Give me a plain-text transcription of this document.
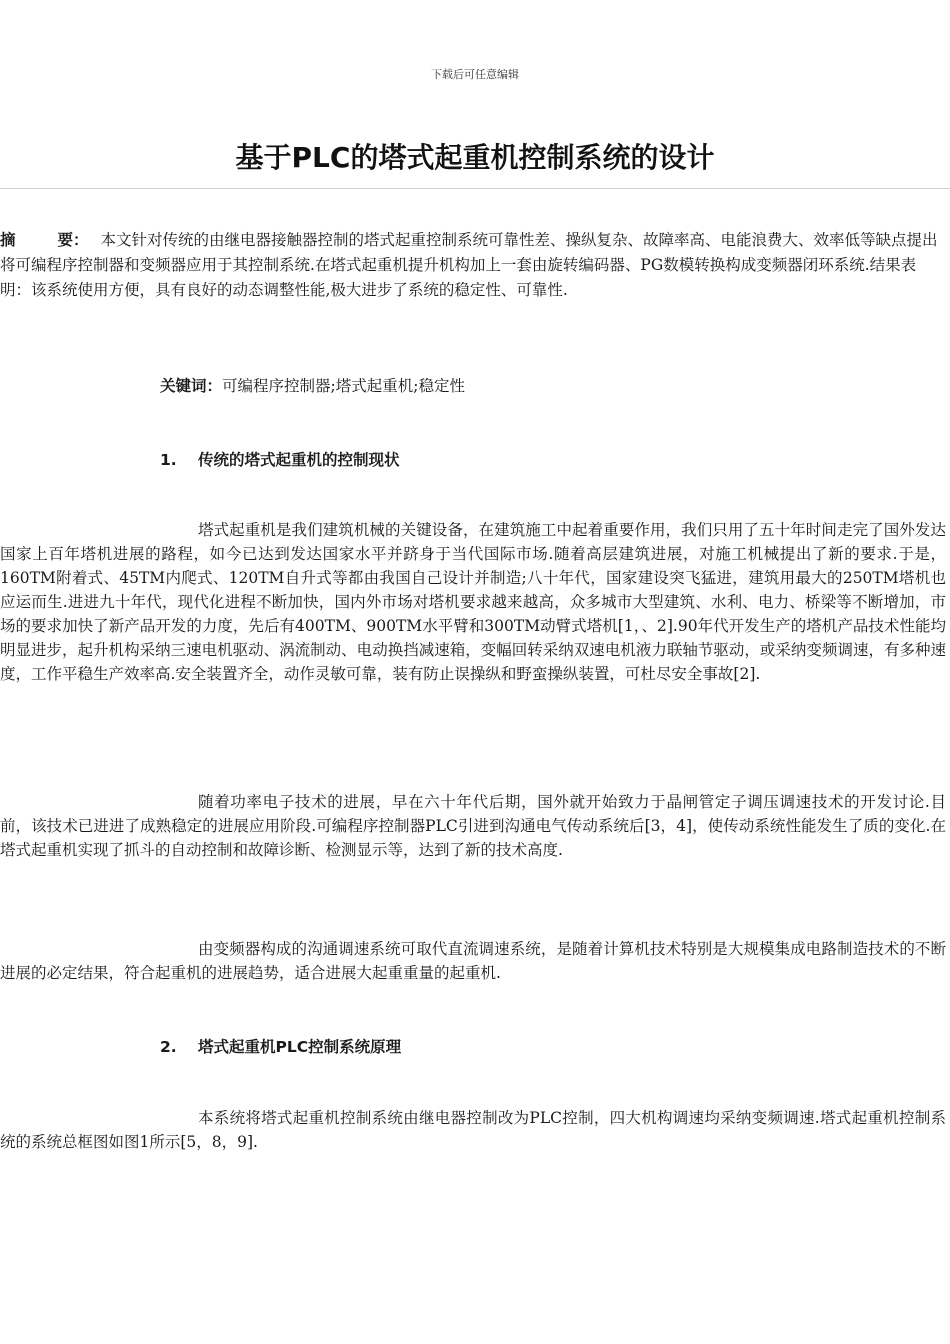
下载后可任意编辑
基于PLC的塔式起重机控制系统的设计
摘 要： 本文针对传统的由继电器接触器控制的塔式起重控制系统可靠性差、操纵复杂、故障率高、电能浪费大、效率低等缺点提出将可编程序控制器和变频器应用于其控制系统.在塔式起重机提升机构加上一套由旋转编码器、PG数模转换构成变频器闭环系统.结果表明：该系统使用方便，具有良好的动态调整性能,极大进步了系统的稳定性、可靠性.
关键词：可编程序控制器;塔式起重机;稳定性
1. 传统的塔式起重机的控制现状
塔式起重机是我们建筑机械的关键设备，在建筑施工中起着重要作用，我们只用了五十年时间走完了国外发达国家上百年塔机进展的路程，如今已达到发达国家水平并跻身于当代国际市场.随着高层建筑进展，对施工机械提出了新的要求.于是，160TM附着式、45TM内爬式、120TM自升式等都由我国自己设计并制造;八十年代，国家建设突飞猛进，建筑用最大的250TM塔机也应运而生.进进九十年代，现代化进程不断加快，国内外市场对塔机要求越来越高，众多城市大型建筑、水利、电力、桥梁等不断增加，市场的要求加快了新产品开发的力度，先后有400TM、900TM水平臂和300TM动臂式塔机[1，、2].90年代开发生产的塔机产品技术性能均明显进步，起升机构采纳三速电机驱动、涡流制动、电动换挡减速箱，变幅回转采纳双速电机液力联轴节驱动，或采纳变频调速，有多种速度，工作平稳生产效率高.安全装置齐全，动作灵敏可靠，装有防止误操纵和野蛮操纵装置，可杜尽安全事故[2].
随着功率电子技术的进展，早在六十年代后期，国外就开始致力于晶闸管定子调压调速技术的开发讨论.目前，该技术已进进了成熟稳定的进展应用阶段.可编程序控制器PLC引进到沟通电气传动系统后[3，4]，使传动系统性能发生了质的变化.在塔式起重机实现了抓斗的自动控制和故障诊断、检测显示等，达到了新的技术高度.
由变频器构成的沟通调速系统可取代直流调速系统，是随着计算机技术特别是大规模集成电路制造技术的不断进展的必定结果，符合起重机的进展趋势，适合进展大起重重量的起重机.
2. 塔式起重机PLC控制系统原理
本系统将塔式起重机控制系统由继电器控制改为PLC控制，四大机构调速均采纳变频调速.塔式起重机控制系统的系统总框图如图1所示[5，8，9].
